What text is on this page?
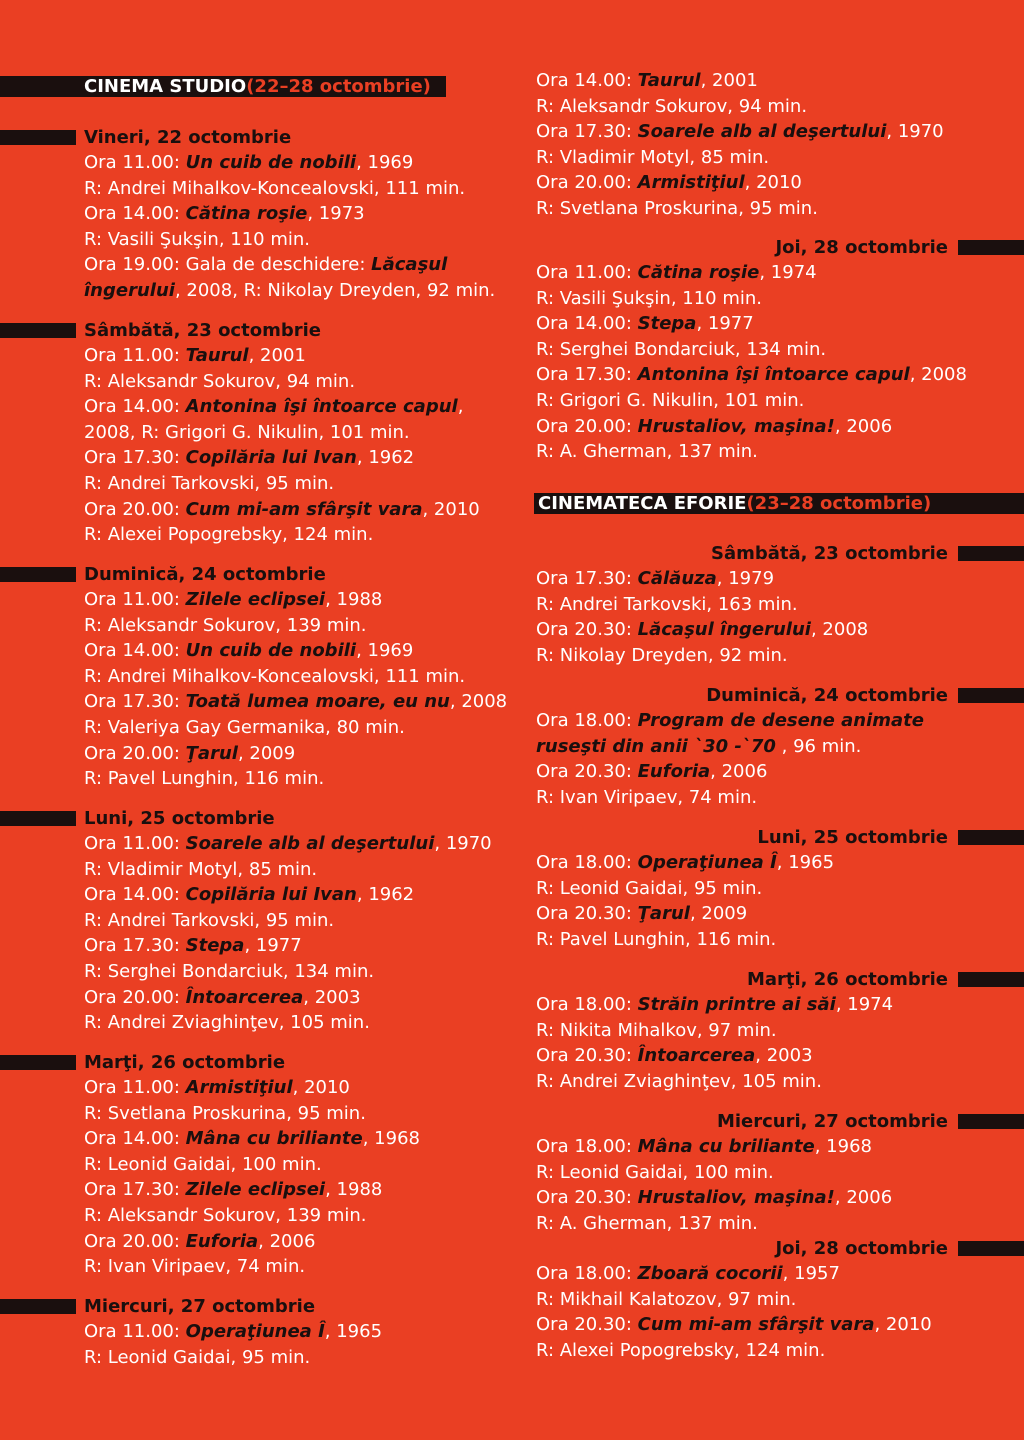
CINEMA STUDIO (22–28 octombrie)
Vineri, 22 octombrie
Ora 11.00: Un cuib de nobili, 1969
R: Andrei Mihalkov-Koncealovski, 111 min.
Ora 14.00: Cătina roşie, 1973
R: Vasili Şukşin, 110 min.
Ora 19.00: Gala de deschidere: Lăcaşul
îngerului, 2008, R: Nikolay Dreyden, 92 min.
Sâmbătă, 23 octombrie
Ora 11.00: Taurul, 2001
R: Aleksandr Sokurov, 94 min.
Ora 14.00: Antonina îşi întoarce capul,
2008, R: Grigori G. Nikulin, 101 min.
Ora 17.30: Copilăria lui Ivan, 1962
R: Andrei Tarkovski, 95 min.
Ora 20.00: Cum mi-am sfârşit vara, 2010
R: Alexei Popogrebsky, 124 min.
Duminică, 24 octombrie
Ora 11.00: Zilele eclipsei, 1988
R: Aleksandr Sokurov, 139 min.
Ora 14.00: Un cuib de nobili, 1969
R: Andrei Mihalkov-Koncealovski, 111 min.
Ora 17.30: Toată lumea moare, eu nu, 2008
R: Valeriya Gay Germanika, 80 min.
Ora 20.00: Ţarul, 2009
R: Pavel Lunghin, 116 min.
Luni, 25 octombrie
Ora 11.00: Soarele alb al deşertului, 1970
R: Vladimir Motyl, 85 min.
Ora 14.00: Copilăria lui Ivan, 1962
R: Andrei Tarkovski, 95 min.
Ora 17.30: Stepa, 1977
R: Serghei Bondarciuk, 134 min.
Ora 20.00: Întoarcerea, 2003
R: Andrei Zviaghinţev, 105 min.
Marţi, 26 octombrie
Ora 11.00: Armistiţiul, 2010
R: Svetlana Proskurina, 95 min.
Ora 14.00: Mâna cu briliante, 1968
R: Leonid Gaidai, 100 min.
Ora 17.30: Zilele eclipsei, 1988
R: Aleksandr Sokurov, 139 min.
Ora 20.00: Euforia, 2006
R: Ivan Viripaev, 74 min.
Miercuri, 27 octombrie
Ora 11.00: Operaţiunea Î, 1965
R: Leonid Gaidai, 95 min.
Ora 14.00: Taurul, 2001
R: Aleksandr Sokurov, 94 min.
Ora 17.30: Soarele alb al deşertului, 1970
R: Vladimir Motyl, 85 min.
Ora 20.00: Armistiţiul, 2010
R: Svetlana Proskurina, 95 min.
Joi, 28 octombrie
Ora 11.00: Cătina roşie, 1974
R: Vasili Şukşin, 110 min.
Ora 14.00: Stepa, 1977
R: Serghei Bondarciuk, 134 min.
Ora 17.30: Antonina îşi întoarce capul, 2008
R: Grigori G. Nikulin, 101 min.
Ora 20.00: Hrustaliov, maşina!, 2006
R: A. Gherman, 137 min.
CINEMATECA EFORIE (23–28 octombrie)
Sâmbătă, 23 octombrie
Ora 17.30: Călăuza, 1979
R: Andrei Tarkovski, 163 min.
Ora 20.30: Lăcaşul îngerului, 2008
R: Nikolay Dreyden, 92 min.
Duminică, 24 octombrie
Ora 18.00: Program de desene animate
ruseşti din anii `30 -`70 , 96 min.
Ora 20.30: Euforia, 2006
R: Ivan Viripaev, 74 min.
Luni, 25 octombrie
Ora 18.00: Operaţiunea Î, 1965
R: Leonid Gaidai, 95 min.
Ora 20.30: Ţarul, 2009
R: Pavel Lunghin, 116 min.
Marţi, 26 octombrie
Ora 18.00: Străin printre ai săi, 1974
R: Nikita Mihalkov, 97 min.
Ora 20.30: Întoarcerea, 2003
R: Andrei Zviaghinţev, 105 min.
Miercuri, 27 octombrie
Ora 18.00: Mâna cu briliante, 1968
R: Leonid Gaidai, 100 min.
Ora 20.30: Hrustaliov, maşina!, 2006
R: A. Gherman, 137 min.
Joi, 28 octombrie
Ora 18.00: Zboară cocorii, 1957
R: Mikhail Kalatozov, 97 min.
Ora 20.30: Cum mi-am sfârşit vara, 2010
R: Alexei Popogrebsky, 124 min.
